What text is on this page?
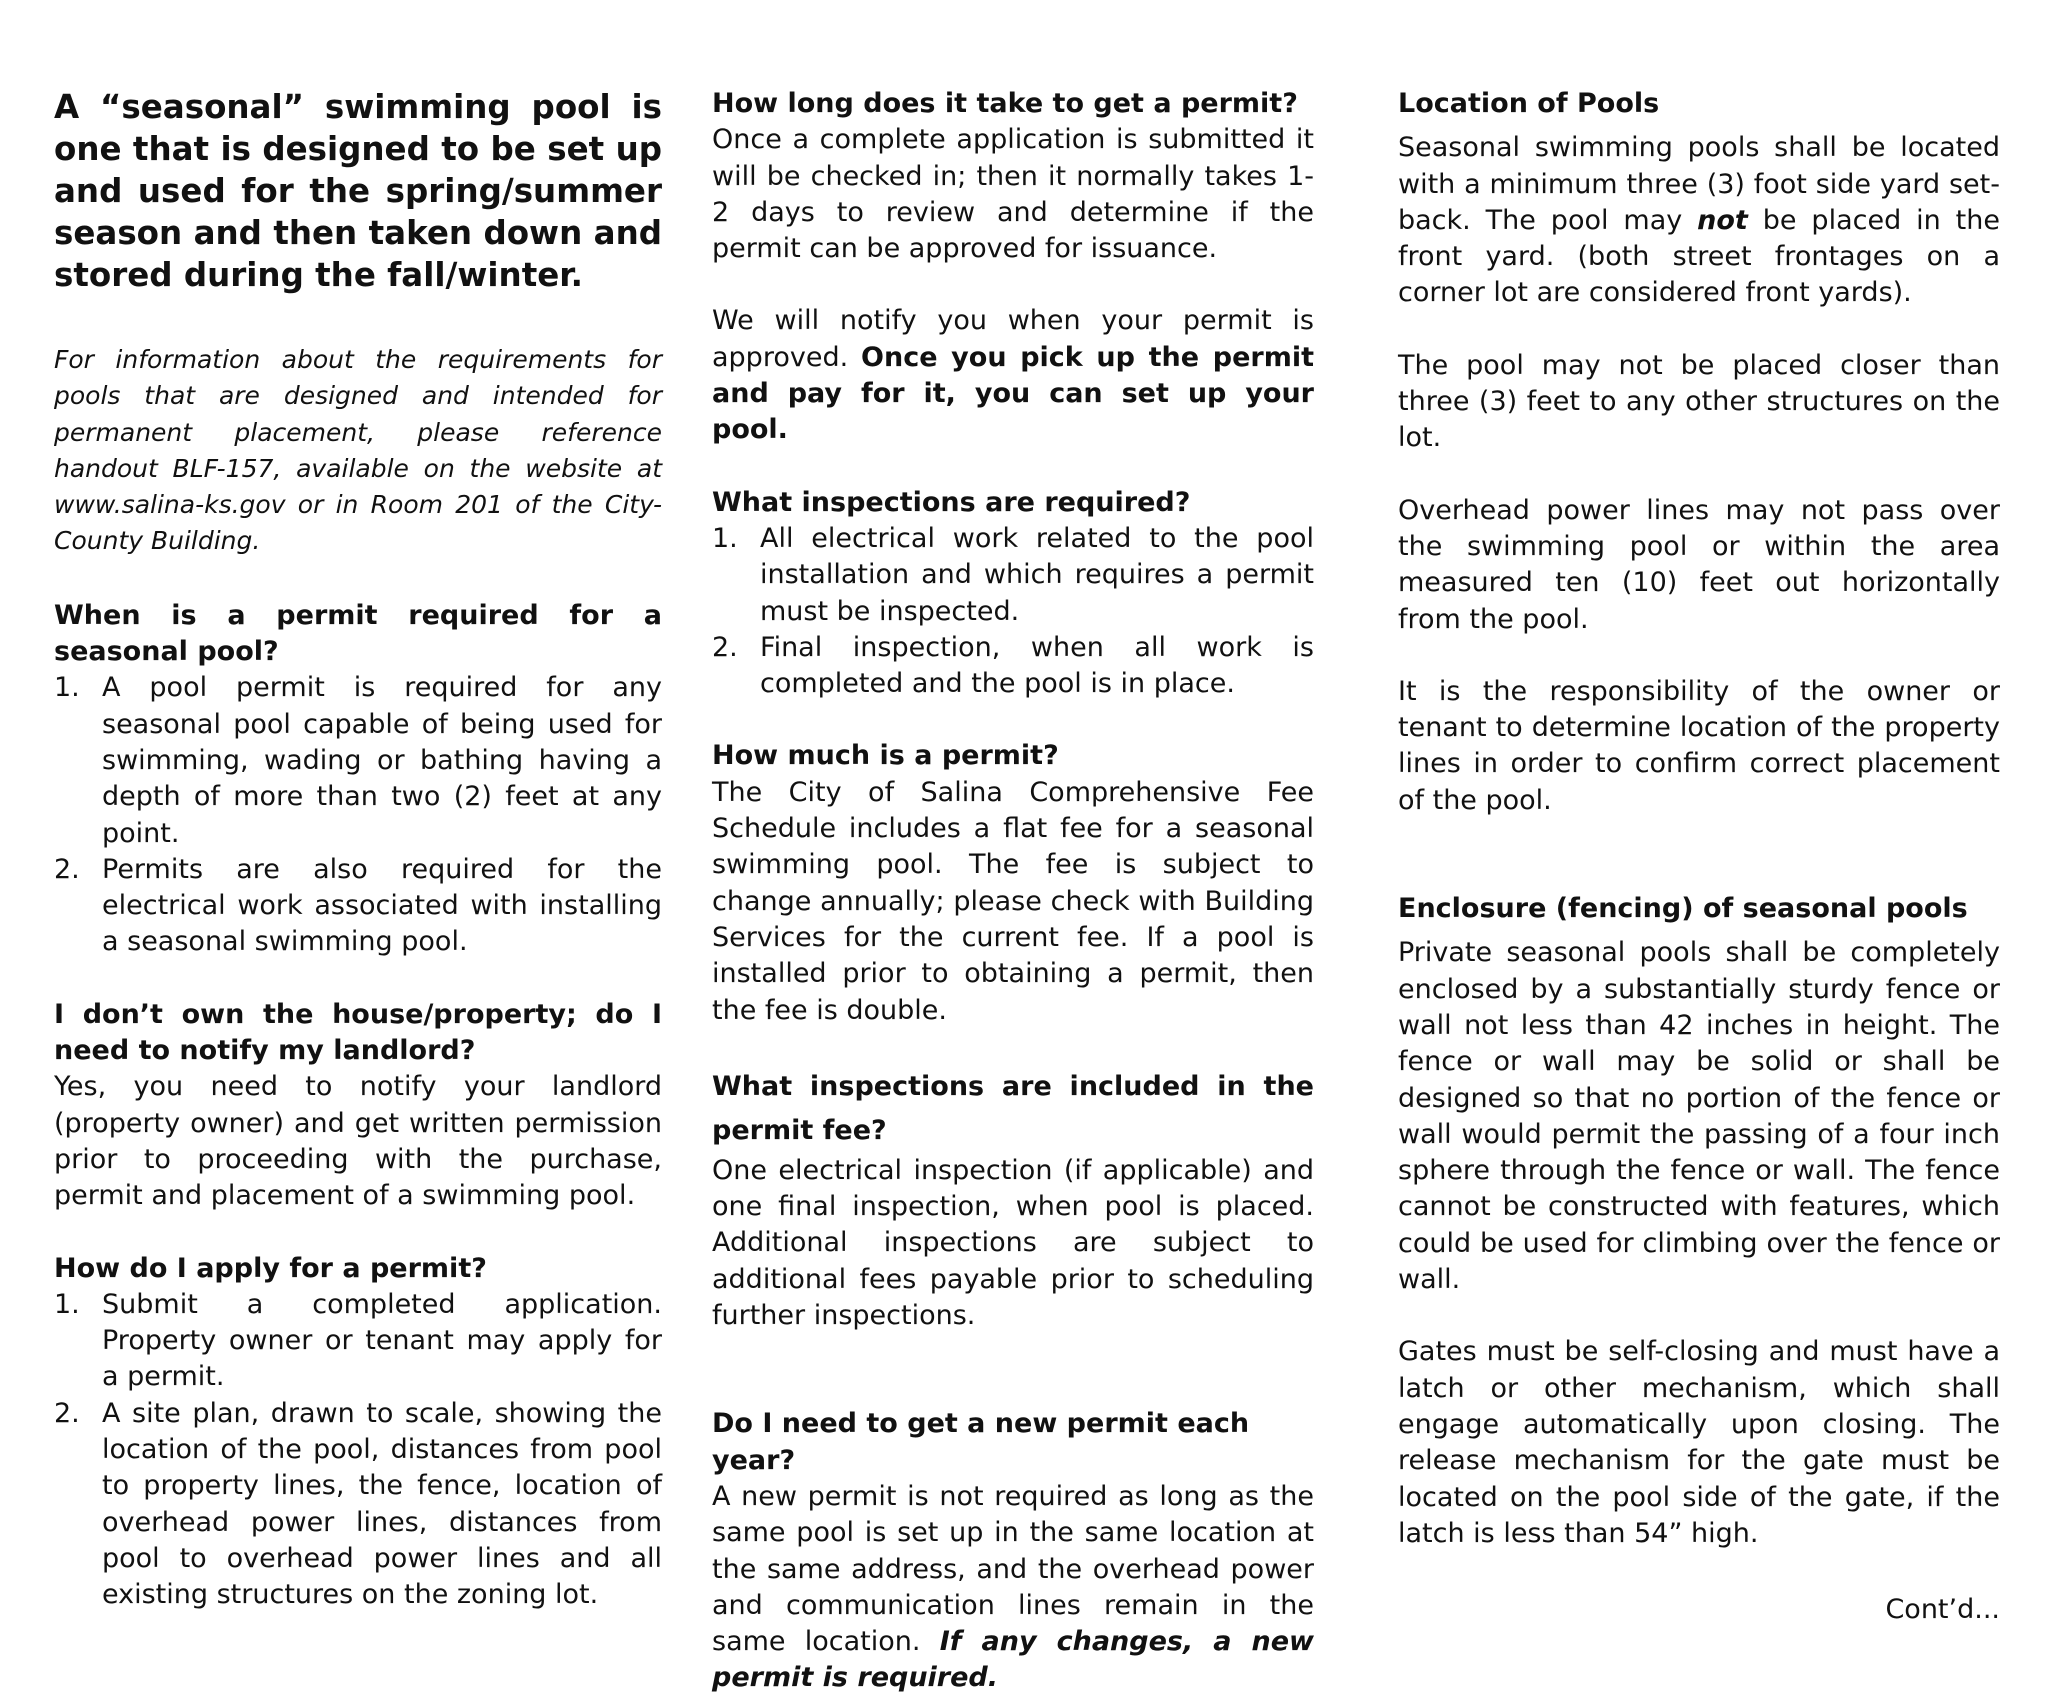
A “seasonal” swimming pool is one that is designed to be set up and used for the spring/summer season and then taken down and stored during the fall/winter.

For information about the requirements for pools that are designed and intended for permanent placement, please reference handout BLF-157, available on the website at www.salina-ks.gov or in Room 201 of the City-County Building.

When is a permit required for a seasonal pool?
1. A pool permit is required for any seasonal pool capable of being used for swimming, wading or bathing having a depth of more than two (2) feet at any point.
2. Permits are also required for the electrical work associated with installing a seasonal swimming pool.
I don’t own the house/property; do I need to notify my landlord?

Yes, you need to notify your landlord (property owner) and get written permission prior to proceeding with the purchase, permit and placement of a swimming pool.

How do I apply for a permit?
1. Submit a completed application. Property owner or tenant may apply for a permit.
2. A site plan, drawn to scale, showing the location of the pool, distances from pool to property lines, the fence, location of overhead power lines, distances from pool to overhead power lines and all existing structures on the zoning lot.
How long does it take to get a permit?

Once a complete application is submitted it will be checked in; then it normally takes 1-2 days to review and determine if the permit can be approved for issuance.

We will notify you when your permit is approved. Once you pick up the permit and pay for it, you can set up your pool.

What inspections are required?
1. All electrical work related to the pool installation and which requires a permit must be inspected.
2. Final inspection, when all work is completed and the pool is in place.
How much is a permit?

The City of Salina Comprehensive Fee Schedule includes a flat fee for a seasonal swimming pool. The fee is subject to change annually; please check with Building Services for the current fee. If a pool is installed prior to obtaining a permit, then the fee is double.

What inspections are included in the permit fee?

One electrical inspection (if applicable) and one final inspection, when pool is placed. Additional inspections are subject to additional fees payable prior to scheduling further inspections.

Do I need to get a new permit each year?

A new permit is not required as long as the same pool is set up in the same location at the same address, and the overhead power and communication lines remain in the same location. If any changes, a new permit is required.

Location of Pools

Seasonal swimming pools shall be located with a minimum three (3) foot side yard set-back. The pool may not be placed in the front yard. (both street frontages on a corner lot are considered front yards).

The pool may not be placed closer than three (3) feet to any other structures on the lot.

Overhead power lines may not pass over the swimming pool or within the area measured ten (10) feet out horizontally from the pool.

It is the responsibility of the owner or tenant to determine location of the property lines in order to confirm correct placement of the pool.

Enclosure (fencing) of seasonal pools

Private seasonal pools shall be completely enclosed by a substantially sturdy fence or wall not less than 42 inches in height. The fence or wall may be solid or shall be designed so that no portion of the fence or wall would permit the passing of a four inch sphere through the fence or wall. The fence cannot be constructed with features, which could be used for climbing over the fence or wall.

Gates must be self-closing and must have a latch or other mechanism, which shall engage automatically upon closing. The release mechanism for the gate must be located on the pool side of the gate, if the latch is less than 54” high.

Cont’d...
